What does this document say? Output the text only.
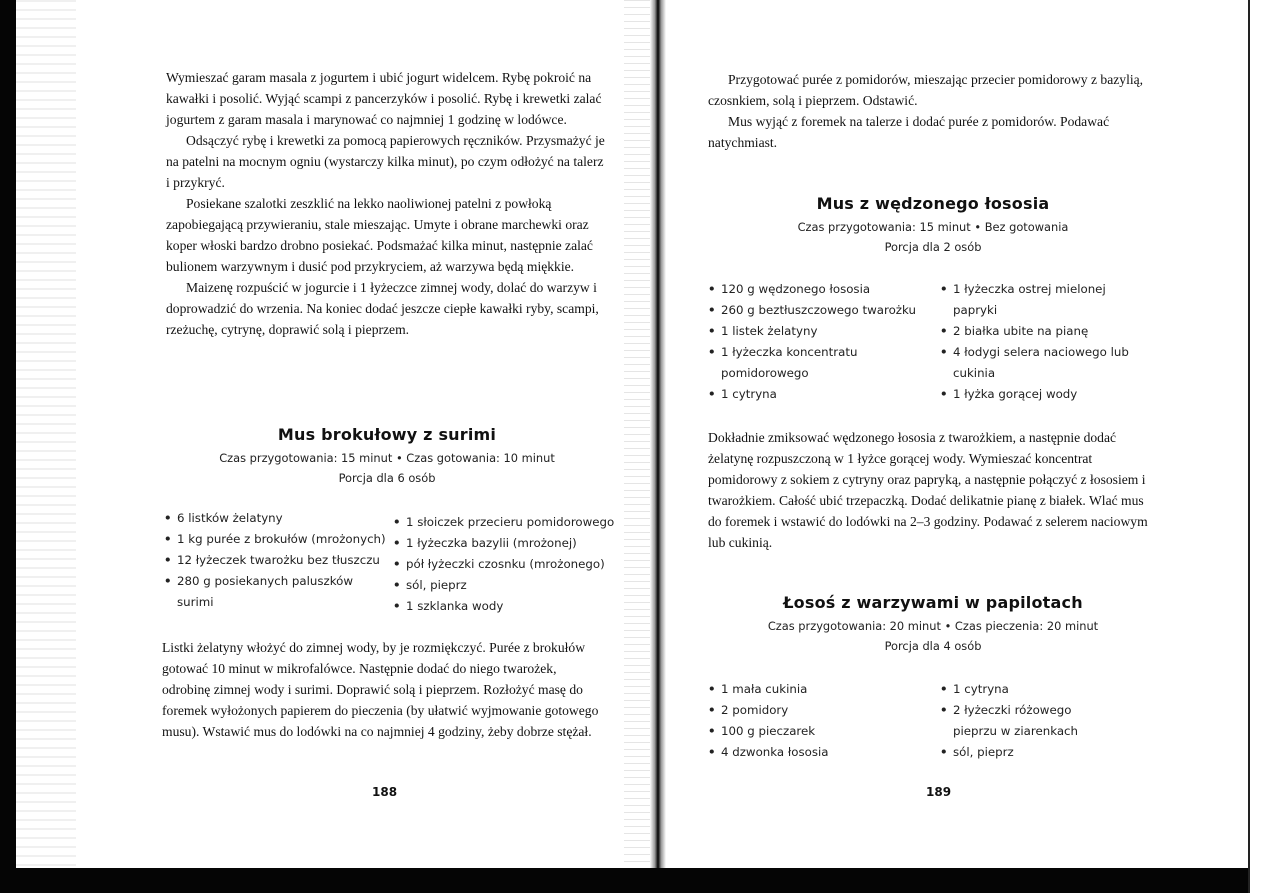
Wymieszać garam masala z jogurtem i ubić jogurt widelcem. Rybę pokroić na kawałki i posolić. Wyjąć scampi z pancerzyków i posolić. Rybę i krewetki zalać jogurtem z garam masala i marynować co najmniej 1 godzinę w lodówce.

Odsączyć rybę i krewetki za pomocą papierowych ręczników. Przysmażyć je na patelni na mocnym ogniu (wystarczy kilka minut), po czym odłożyć na talerz i przykryć.

Posiekane szalotki zeszklić na lekko naoliwionej patelni z powłoką zapobiegającą przywieraniu, stale mieszając. Umyte i obrane marchewki oraz koper włoski bardzo drobno posiekać. Podsmażać kilka minut, następnie zalać bulionem warzywnym i dusić pod przykryciem, aż warzywa będą miękkie.

Maizenę rozpuścić w jogurcie i 1 łyżeczce zimnej wody, dolać do warzyw i doprowadzić do wrzenia. Na koniec dodać jeszcze ciepłe kawałki ryby, scampi, rzeżuchę, cytrynę, doprawić solą i pieprzem.

Mus brokułowy z surimi
Czas przygotowania: 15 minut • Czas gotowania: 10 minut
Porcja dla 6 osób
• 6 listków żelatyny
• 1 kg purée z brokułów (mrożonych)
• 12 łyżeczek twarożku bez tłuszczu
• 280 g posiekanych paluszków surimi
• 1 słoiczek przecieru pomidorowego
• 1 łyżeczka bazylii (mrożonej)
• pół łyżeczki czosnku (mrożonego)
• sól, pieprz
• 1 szklanka wody

Listki żelatyny włożyć do zimnej wody, by je rozmiękczyć. Purée z brokułów gotować 10 minut w mikrofalówce. Następnie dodać do niego twarożek, odrobinę zimnej wody i surimi. Doprawić solą i pieprzem. Rozłożyć masę do foremek wyłożonych papierem do pieczenia (by ułatwić wyjmowanie gotowego musu). Wstawić mus do lodówki na co najmniej 4 godziny, żeby dobrze stężał.

188

Przygotować purée z pomidorów, mieszając przecier pomidorowy z bazylią, czosnkiem, solą i pieprzem. Odstawić.

Mus wyjąć z foremek na talerze i dodać purée z pomidorów. Podawać natychmiast.

Mus z wędzonego łososia
Czas przygotowania: 15 minut • Bez gotowania
Porcja dla 2 osób
• 120 g wędzonego łososia
• 260 g beztłuszczowego twarożku
• 1 listek żelatyny
• 1 łyżeczka koncentratu pomidorowego
• 1 cytryna
• 1 łyżeczka ostrej mielonej papryki
• 2 białka ubite na pianę
• 4 łodygi selera naciowego lub cukinia
• 1 łyżka gorącej wody

Dokładnie zmiksować wędzonego łososia z twarożkiem, a następnie dodać żelatynę rozpuszczoną w 1 łyżce gorącej wody. Wymieszać koncentrat pomidorowy z sokiem z cytryny oraz papryką, a następnie połączyć z łososiem i twarożkiem. Całość ubić trzepaczką. Dodać delikatnie pianę z białek. Wlać mus do foremek i wstawić do lodówki na 2–3 godziny. Podawać z selerem naciowym lub cukinią.

Łosoś z warzywami w papilotach
Czas przygotowania: 20 minut • Czas pieczenia: 20 minut
Porcja dla 4 osób
• 1 mała cukinia
• 2 pomidory
• 100 g pieczarek
• 4 dzwonka łososia
• 1 cytryna
• 2 łyżeczki różowego pieprzu w ziarenkach
• sól, pieprz
189
